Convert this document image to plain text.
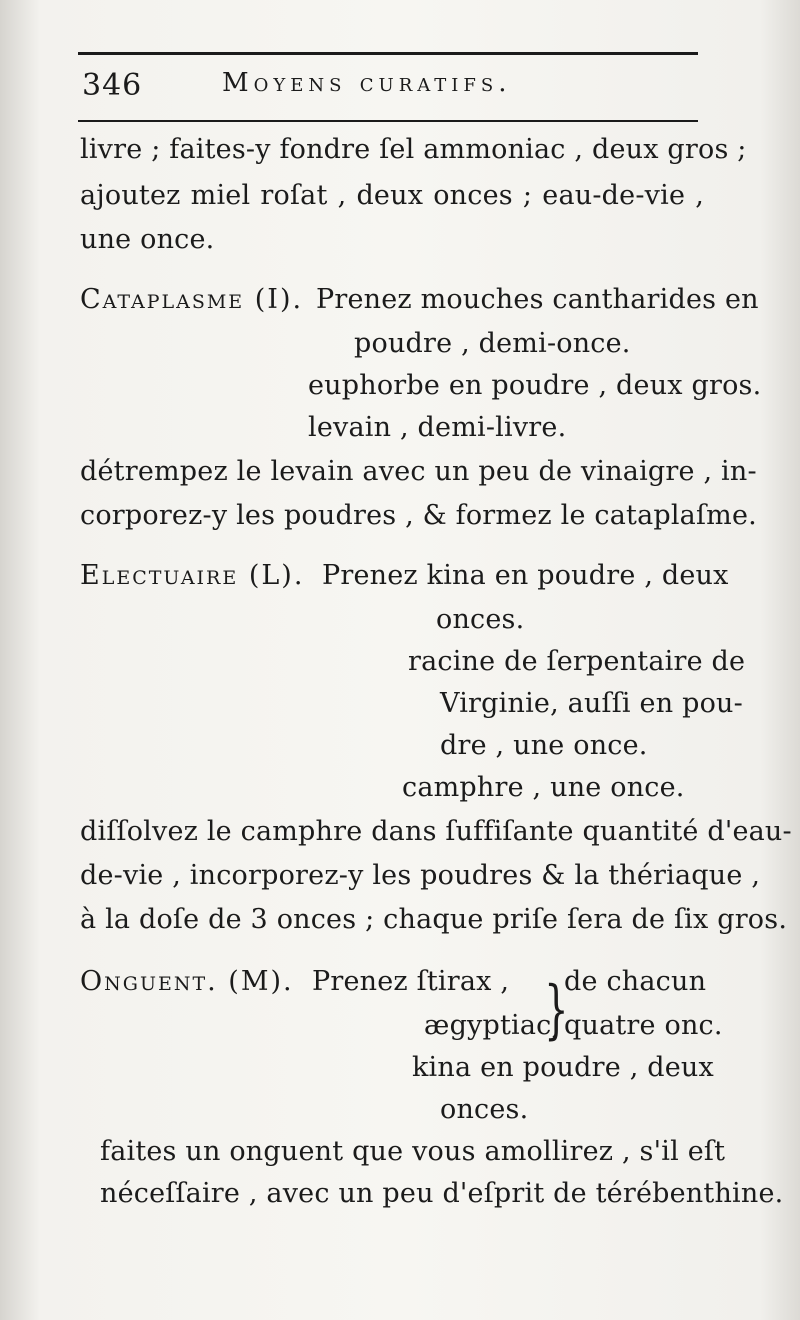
346	Moyens curatifs.
livre ; faites-y fondre ſel ammoniac , deux gros ;
ajoutez miel roſat , deux onces ; eau-de-vie ,
une once.
Cataplasme (I). Prenez mouches cantharides en
poudre , demi-once.
euphorbe en poudre , deux gros.
levain , demi-livre.
détrempez le levain avec un peu de vinaigre , in-
corporez-y les poudres , & formez le cataplaſme.
Electuaire (L). Prenez kina en poudre , deux
onces.
racine de ſerpentaire de
Virginie, auſſi en pou-
dre , une once.
camphre , une once.
diſſolvez le camphre dans ſuffiſante quantité d'eau-
de-vie , incorporez-y les poudres & la thériaque ,
à la doſe de 3 onces ; chaque priſe ſera de ſix gros.
Onguent. (M). Prenez ſtirax , de chacun
}
ægyptiac, quatre onc.
kina en poudre , deux
onces.
faites un onguent que vous amollirez , s'il eſt
néceſſaire , avec un peu d'eſprit de térébenthine.
